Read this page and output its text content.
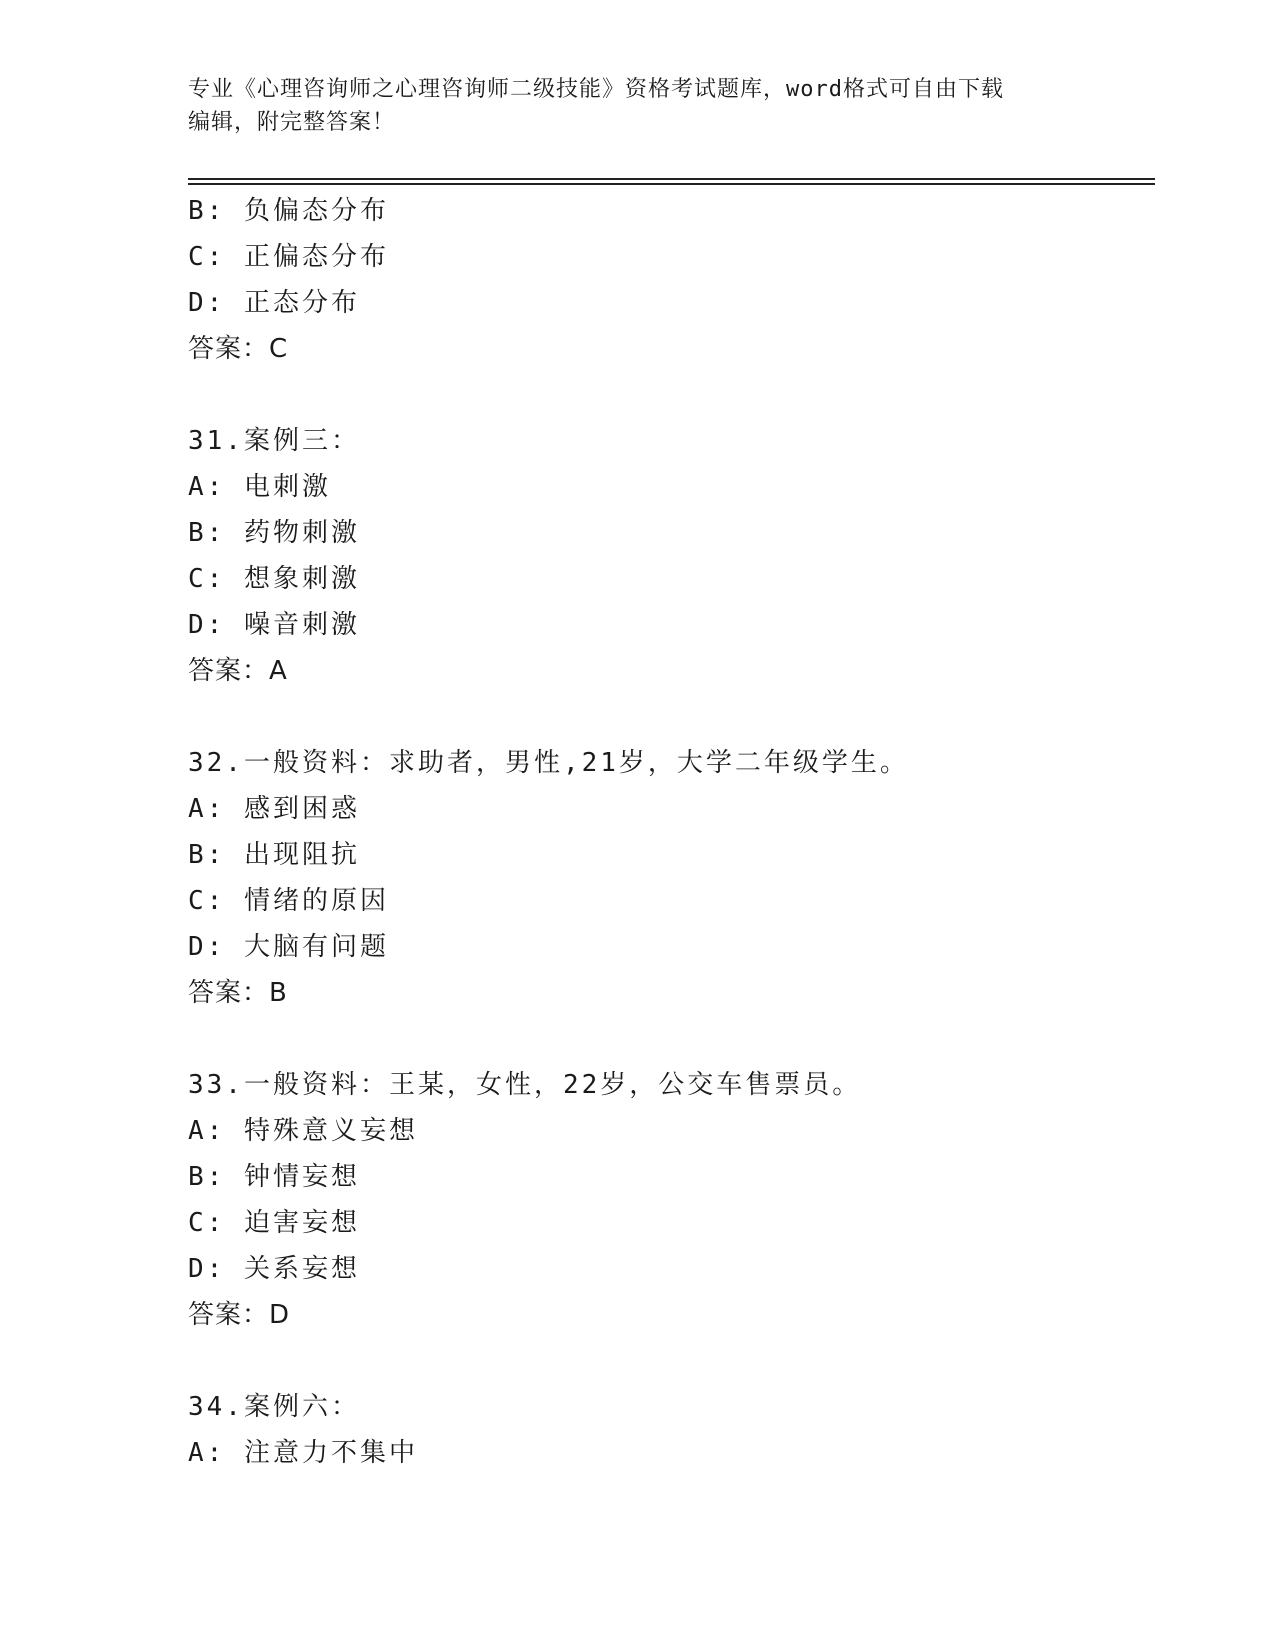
专业《心理咨询师之心理咨询师二级技能》资格考试题库，word格式可自由下载
编辑，附完整答案！
B: 负偏态分布
C: 正偏态分布
D: 正态分布
答案：C
31.案例三：
A: 电刺激
B: 药物刺激
C: 想象刺激
D: 噪音刺激
答案：A
32.一般资料：求助者，男性,21岁，大学二年级学生。
A: 感到困惑
B: 出现阻抗
C: 情绪的原因
D: 大脑有问题
答案：B
33.一般资料：王某，女性，22岁，公交车售票员。
A: 特殊意义妄想
B: 钟情妄想
C: 迫害妄想
D: 关系妄想
答案：D
34.案例六：
A: 注意力不集中
